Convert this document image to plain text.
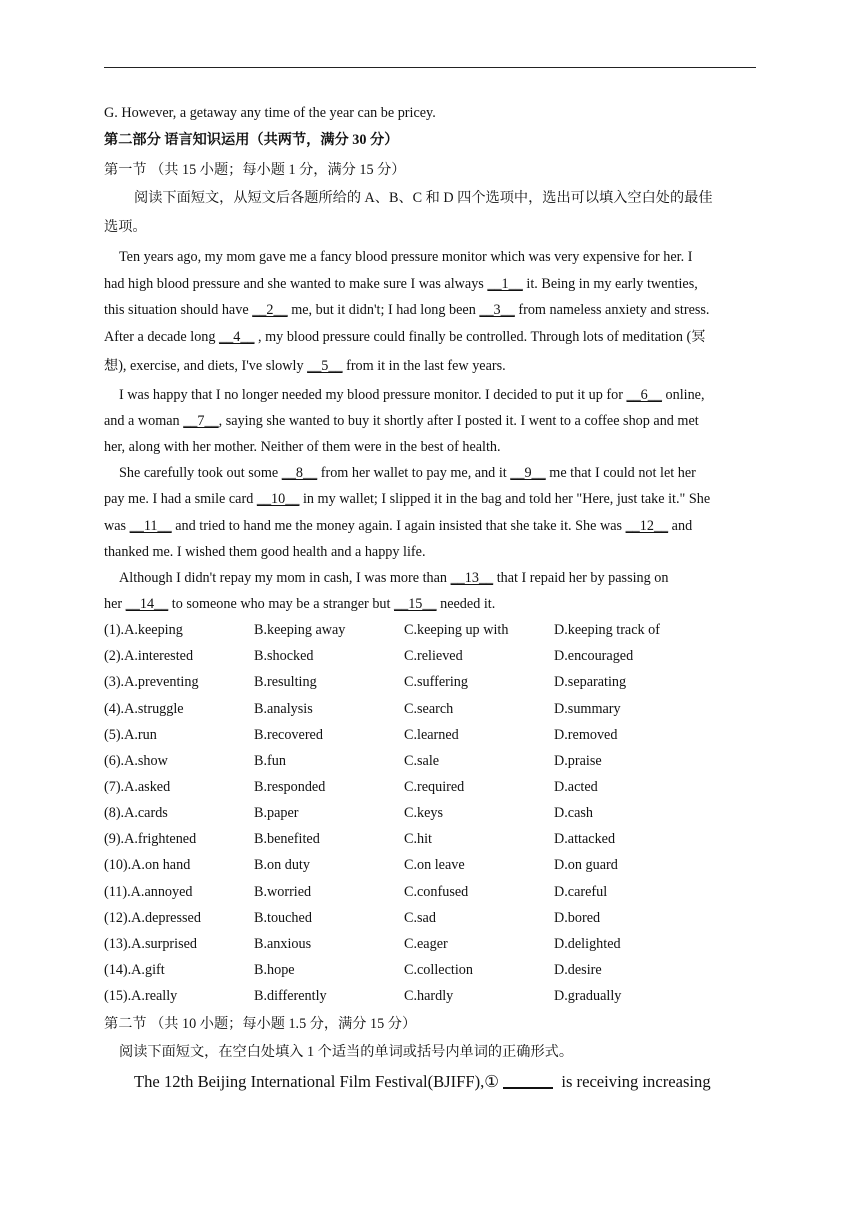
G. However, a getaway any time of the year can be pricey.
第二部分 语言知识运用（共两节，满分 30 分）
第一节 （共 15 小题；每小题 1 分，满分 15 分）
阅读下面短文，从短文后各题所给的 A、B、C 和 D 四个选项中，选出可以填入空白处的最佳
选项。
Ten years ago, my mom gave me a fancy blood pressure monitor which was very expensive for her. I
had high blood pressure and she wanted to make sure I was always __1__ it. Being in my early twenties,
this situation should have __2__ me, but it didn't; I had long been __3__ from nameless anxiety and stress.
After a decade long __4__ , my blood pressure could finally be controlled. Through lots of meditation (冥
想), exercise, and diets, I've slowly __5__ from it in the last few years.
I was happy that I no longer needed my blood pressure monitor. I decided to put it up for __6__ online,
and a woman __7__, saying she wanted to buy it shortly after I posted it. I went to a coffee shop and met
her, along with her mother. Neither of them were in the best of health.
She carefully took out some __8__ from her wallet to pay me, and it __9__ me that I could not let her
pay me. I had a smile card __10__ in my wallet; I slipped it in the bag and told her "Here, just take it." She
was __11__ and tried to hand me the money again. I again insisted that she take it. She was __12__ and
thanked me. I wished them good health and a happy life.
Although I didn't repay my mom in cash, I was more than __13__ that I repaid her by passing on
her __14__ to someone who may be a stranger but __15__ needed it.
(1).A.keeping	B.keeping away	C.keeping up with	D.keeping track of
(2).A.interested	B.shocked	C.relieved	D.encouraged
(3).A.preventing	B.resulting	C.suffering	D.separating
(4).A.struggle	B.analysis	C.search	D.summary
(5).A.run	B.recovered	C.learned	D.removed
(6).A.show	B.fun	C.sale	D.praise
(7).A.asked	B.responded	C.required	D.acted
(8).A.cards	B.paper	C.keys	D.cash
(9).A.frightened	B.benefited	C.hit	D.attacked
(10).A.on hand	B.on duty	C.on leave	D.on guard
(11).A.annoyed	B.worried	C.confused	D.careful
(12).A.depressed	B.touched	C.sad	D.bored
(13).A.surprised	B.anxious	C.eager	D.delighted
(14).A.gift	B.hope	C.collection	D.desire
(15).A.really	B.differently	C.hardly	D.gradually
第二节 （共 10 小题；每小题 1.5 分，满分 15 分）
阅读下面短文，在空白处填入 1 个适当的单词或括号内单词的正确形式。
The 12th Beijing International Film Festival(BJIFF),①	is receiving increasing
